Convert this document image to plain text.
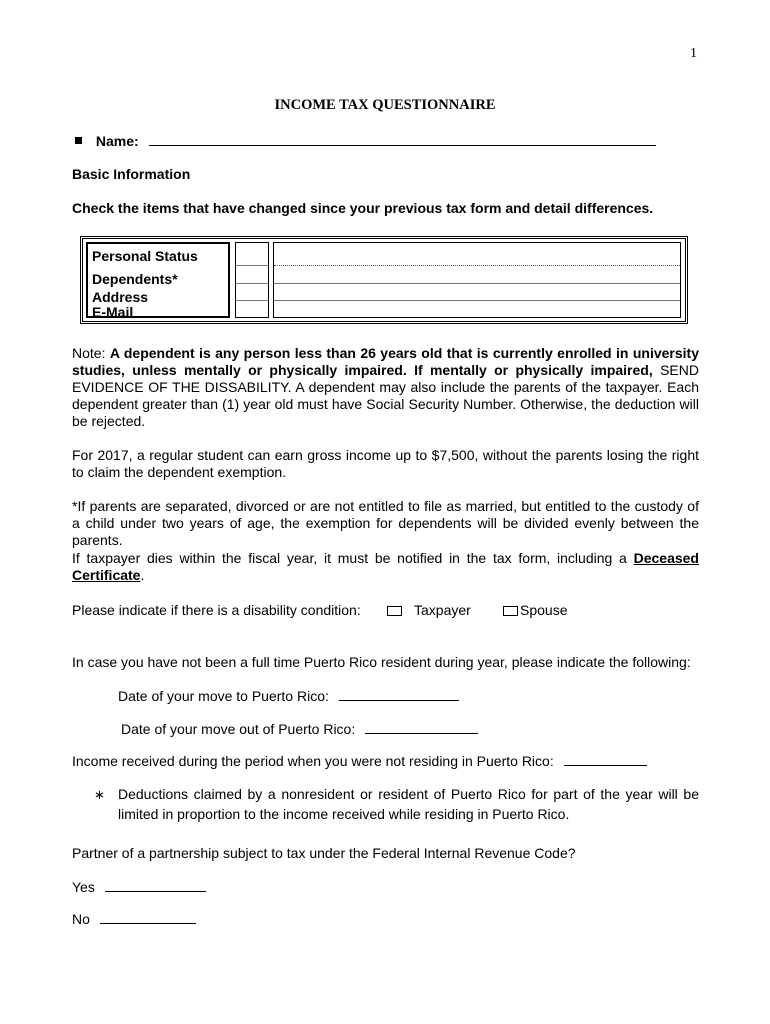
1
INCOME TAX QUESTIONNAIRE
Name:
Basic Information
Check the items that have changed since your previous tax form and detail differences.
Personal Status
Dependents*
Address
E-Mail
Note: A dependent is any person less than 26 years old that is currently enrolled in university studies, unless mentally or physically impaired. If mentally or physically impaired, SEND EVIDENCE OF THE DISSABILITY. A dependent may also include the parents of the taxpayer. Each dependent greater than (1) year old must have Social Security Number. Otherwise, the deduction will be rejected.
For 2017, a regular student can earn gross income up to $7,500, without the parents losing the right to claim the dependent exemption.
*If parents are separated, divorced or are not entitled to file as married, but entitled to the custody of a child under two years of age, the exemption for dependents will be divided evenly between the parents.
If taxpayer dies within the fiscal year, it must be notified in the tax form, including a Deceased Certificate.
Please indicate if there is a disability condition:	Taxpayer	Spouse
In case you have not been a full time Puerto Rico resident during year, please indicate the following:
Date of your move to Puerto Rico:
Date of your move out of Puerto Rico:
Income received during the period when you were not residing in Puerto Rico:
∗ Deductions claimed by a nonresident or resident of Puerto Rico for part of the year will be limited in proportion to the income received while residing in Puerto Rico.
Partner of a partnership subject to tax under the Federal Internal Revenue Code?
Yes
No
